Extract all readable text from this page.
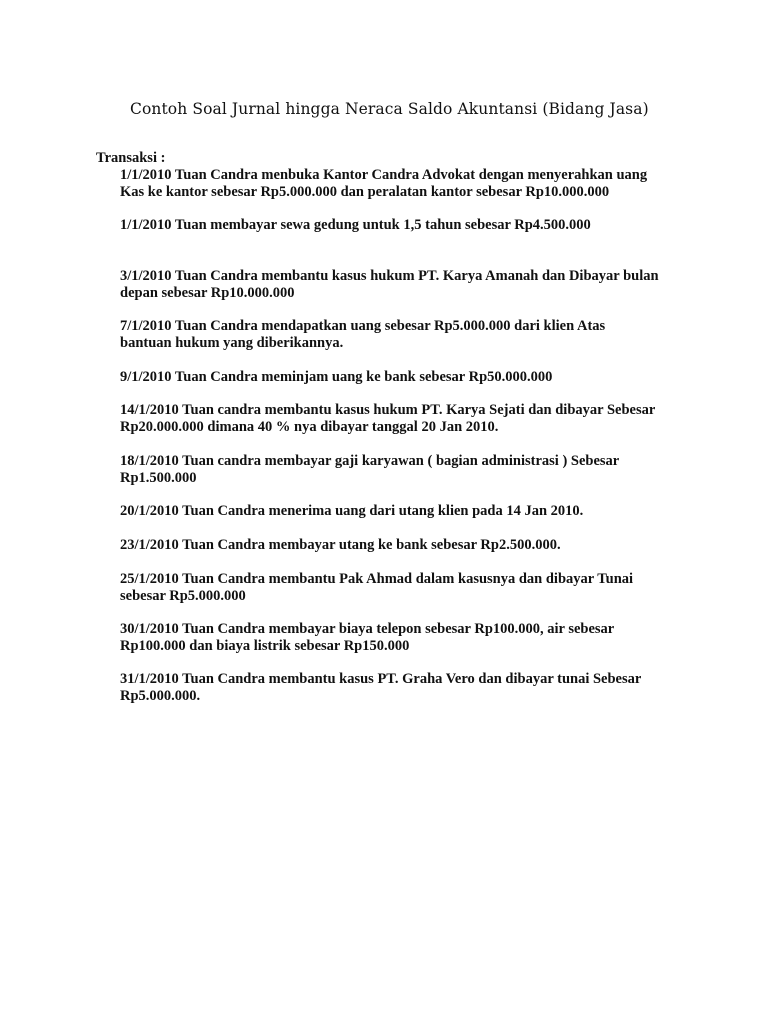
Contoh Soal Jurnal hingga Neraca Saldo Akuntansi (Bidang Jasa)
Transaksi :
1/1/2010 Tuan Candra menbuka Kantor Candra Advokat dengan menyerahkan uang
Kas ke kantor sebesar Rp5.000.000 dan peralatan kantor sebesar Rp10.000.000
1/1/2010 Tuan membayar sewa gedung untuk 1,5 tahun sebesar Rp4.500.000
3/1/2010 Tuan Candra membantu kasus hukum PT. Karya Amanah dan Dibayar bulan
depan sebesar Rp10.000.000
7/1/2010 Tuan Candra mendapatkan uang sebesar Rp5.000.000 dari klien Atas
bantuan hukum yang diberikannya.
9/1/2010 Tuan Candra meminjam uang ke bank sebesar Rp50.000.000
14/1/2010 Tuan candra membantu kasus hukum PT. Karya Sejati dan dibayar Sebesar
Rp20.000.000 dimana 40 % nya dibayar tanggal 20 Jan 2010.
18/1/2010 Tuan candra membayar gaji karyawan ( bagian administrasi ) Sebesar
Rp1.500.000
20/1/2010 Tuan Candra menerima uang dari utang klien pada 14 Jan 2010.
23/1/2010 Tuan Candra membayar utang ke bank sebesar Rp2.500.000.
25/1/2010 Tuan Candra membantu Pak Ahmad dalam kasusnya dan dibayar Tunai
sebesar Rp5.000.000
30/1/2010 Tuan Candra membayar biaya telepon sebesar Rp100.000, air sebesar
Rp100.000 dan biaya listrik sebesar Rp150.000
31/1/2010 Tuan Candra membantu kasus PT. Graha Vero dan dibayar tunai Sebesar
Rp5.000.000.
